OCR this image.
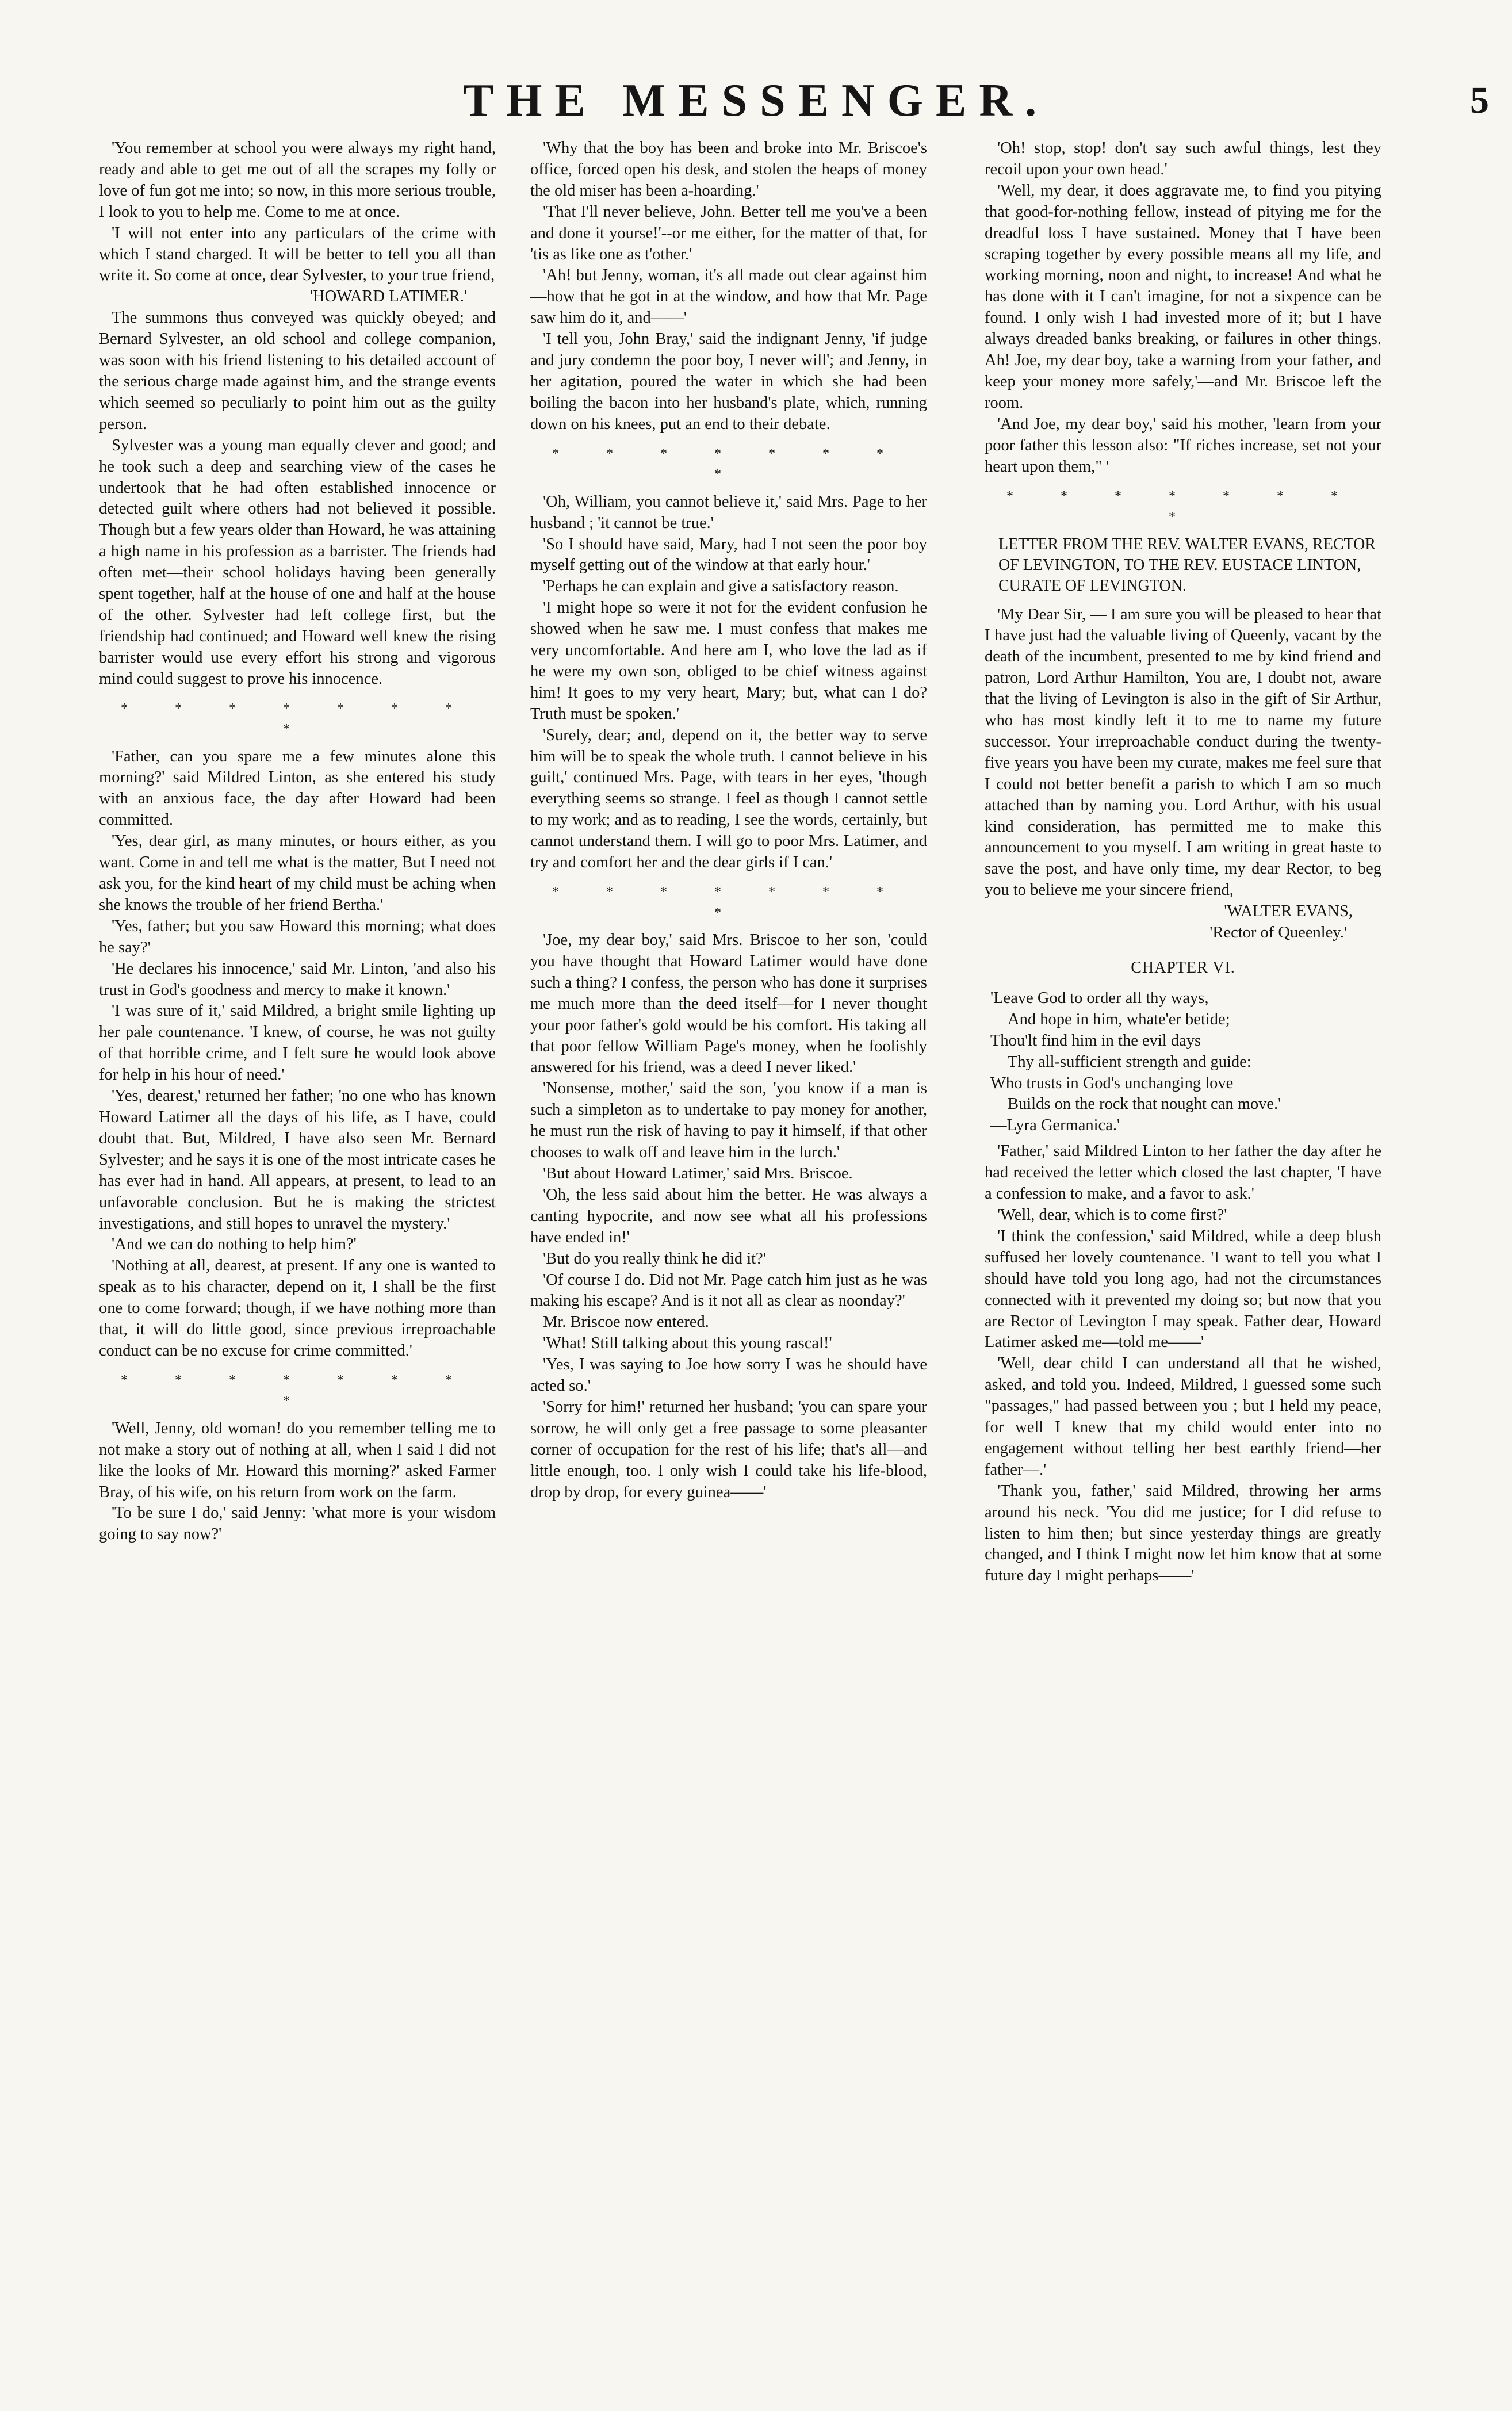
THE MESSENGER.	5

'You remember at school you were always my right hand, ready and able to get me out of all the scrapes my folly or love of fun got me into; so now, in this more serious trouble, I look to you to help me. Come to me at once.

'I will not enter into any particulars of the crime with which I stand charged. It will be better to tell you all than write it. So come at once, dear Sylvester, to your true friend,

'HOWARD LATIMER.'

The summons thus conveyed was quickly obeyed; and Bernard Sylvester, an old school and college companion, was soon with his friend listening to his detailed account of the serious charge made against him, and the strange events which seemed so peculiarly to point him out as the guilty person.

Sylvester was a young man equally clever and good; and he took such a deep and searching view of the cases he undertook that he had often established innocence or detected guilt where others had not believed it possible. Though but a few years older than Howard, he was attaining a high name in his profession as a barrister. The friends had often met—their school holidays having been generally spent together, half at the house of one and half at the house of the other. Sylvester had left college first, but the friendship had continued; and Howard well knew the rising barrister would use every effort his strong and vigorous mind could suggest to prove his innocence.

* * * * * * * *

'Father, can you spare me a few minutes alone this morning?' said Mildred Linton, as she entered his study with an anxious face, the day after Howard had been committed.

'Yes, dear girl, as many minutes, or hours either, as you want. Come in and tell me what is the matter, But I need not ask you, for the kind heart of my child must be aching when she knows the trouble of her friend Bertha.'

'Yes, father; but you saw Howard this morning; what does he say?'

'He declares his innocence,' said Mr. Linton, 'and also his trust in God's goodness and mercy to make it known.'

'I was sure of it,' said Mildred, a bright smile lighting up her pale countenance. 'I knew, of course, he was not guilty of that horrible crime, and I felt sure he would look above for help in his hour of need.'

'Yes, dearest,' returned her father; 'no one who has known Howard Latimer all the days of his life, as I have, could doubt that. But, Mildred, I have also seen Mr. Bernard Sylvester; and he says it is one of the most intricate cases he has ever had in hand. All appears, at present, to lead to an unfavorable conclusion. But he is making the strictest investigations, and still hopes to unravel the mystery.'

'And we can do nothing to help him?'

'Nothing at all, dearest, at present. If any one is wanted to speak as to his character, depend on it, I shall be the first one to come forward; though, if we have nothing more than that, it will do little good, since previous irreproachable conduct can be no excuse for crime committed.'

* * * * * * * *

'Well, Jenny, old woman! do you remember telling me to not make a story out of nothing at all, when I said I did not like the looks of Mr. Howard this morning?' asked Farmer Bray, of his wife, on his return from work on the farm.

'To be sure I do,' said Jenny: 'what more is your wisdom going to say now?'

'Why that the boy has been and broke into Mr. Briscoe's office, forced open his desk, and stolen the heaps of money the old miser has been a-hoarding.'

'That I'll never believe, John. Better tell me you've a been and done it yourse!'--or me either, for the matter of that, for 'tis as like one as t'other.'

'Ah! but Jenny, woman, it's all made out clear against him—how that he got in at the window, and how that Mr. Page saw him do it, and——'

'I tell you, John Bray,' said the indignant Jenny, 'if judge and jury condemn the poor boy, I never will'; and Jenny, in her agitation, poured the water in which she had been boiling the bacon into her husband's plate, which, running down on his knees, put an end to their debate.

* * * * * * * *

'Oh, William, you cannot believe it,' said Mrs. Page to her husband ; 'it cannot be true.'

'So I should have said, Mary, had I not seen the poor boy myself getting out of the window at that early hour.'

'Perhaps he can explain and give a satisfactory reason.

'I might hope so were it not for the evident confusion he showed when he saw me. I must confess that makes me very uncomfortable. And here am I, who love the lad as if he were my own son, obliged to be chief witness against him! It goes to my very heart, Mary; but, what can I do? Truth must be spoken.'

'Surely, dear; and, depend on it, the better way to serve him will be to speak the whole truth. I cannot believe in his guilt,' continued Mrs. Page, with tears in her eyes, 'though everything seems so strange. I feel as though I cannot settle to my work; and as to reading, I see the words, certainly, but cannot understand them. I will go to poor Mrs. Latimer, and try and comfort her and the dear girls if I can.'

* * * * * * * *

'Joe, my dear boy,' said Mrs. Briscoe to her son, 'could you have thought that Howard Latimer would have done such a thing? I confess, the person who has done it surprises me much more than the deed itself—for I never thought your poor father's gold would be his comfort. His taking all that poor fellow William Page's money, when he foolishly answered for his friend, was a deed I never liked.'

'Nonsense, mother,' said the son, 'you know if a man is such a simpleton as to undertake to pay money for another, he must run the risk of having to pay it himself, if that other chooses to walk off and leave him in the lurch.'

'But about Howard Latimer,' said Mrs. Briscoe.

'Oh, the less said about him the better. He was always a canting hypocrite, and now see what all his professions have ended in!'

'But do you really think he did it?'

'Of course I do. Did not Mr. Page catch him just as he was making his escape? And is it not all as clear as noonday?'

Mr. Briscoe now entered.

'What! Still talking about this young rascal!'

'Yes, I was saying to Joe how sorry I was he should have acted so.'

'Sorry for him!' returned her husband; 'you can spare your sorrow, he will only get a free passage to some pleasanter corner of occupation for the rest of his life; that's all—and little enough, too. I only wish I could take his life-blood, drop by drop, for every guinea——'

'Oh! stop, stop! don't say such awful things, lest they recoil upon your own head.'

'Well, my dear, it does aggravate me, to find you pitying that good-for-nothing fellow, instead of pitying me for the dreadful loss I have sustained. Money that I have been scraping together by every possible means all my life, and working morning, noon and night, to increase! And what he has done with it I can't imagine, for not a sixpence can be found. I only wish I had invested more of it; but I have always dreaded banks breaking, or failures in other things. Ah! Joe, my dear boy, take a warning from your father, and keep your money more safely,'—and Mr. Briscoe left the room.

'And Joe, my dear boy,' said his mother, 'learn from your poor father this lesson also: "If riches increase, set not your heart upon them," '

* * * * * * * *
LETTER FROM THE REV. WALTER EVANS, RECTOR OF LEVINGTON, TO THE REV. EUSTACE LINTON, CURATE OF LEVINGTON.

'My Dear Sir, — I am sure you will be pleased to hear that I have just had the valuable living of Queenly, vacant by the death of the incumbent, presented to me by kind friend and patron, Lord Arthur Hamilton, You are, I doubt not, aware that the living of Levington is also in the gift of Sir Arthur, who has most kindly left it to me to name my future successor. Your irreproachable conduct during the twenty-five years you have been my curate, makes me feel sure that I could not better benefit a parish to which I am so much attached than by naming you. Lord Arthur, with his usual kind consideration, has permitted me to make this announcement to you myself. I am writing in great haste to save the post, and have only time, my dear Rector, to beg you to believe me your sincere friend,

'WALTER EVANS,

'Rector of Queenley.'

CHAPTER VI.
'Leave God to order all thy ways,
And hope in him, whate'er betide;
Thou'lt find him in the evil days
Thy all-sufficient strength and guide:
Who trusts in God's unchanging love
Builds on the rock that nought can move.'
—Lyra Germanica.'

'Father,' said Mildred Linton to her father the day after he had received the letter which closed the last chapter, 'I have a confession to make, and a favor to ask.'

'Well, dear, which is to come first?'

'I think the confession,' said Mildred, while a deep blush suffused her lovely countenance. 'I want to tell you what I should have told you long ago, had not the circumstances connected with it prevented my doing so; but now that you are Rector of Levington I may speak. Father dear, Howard Latimer asked me—told me——'

'Well, dear child I can understand all that he wished, asked, and told you. Indeed, Mildred, I guessed some such "passages," had passed between you ; but I held my peace, for well I knew that my child would enter into no engagement without telling her best earthly friend—her father—.'

'Thank you, father,' said Mildred, throwing her arms around his neck. 'You did me justice; for I did refuse to listen to him then; but since yesterday things are greatly changed, and I think I might now let him know that at some future day I might perhaps——'
